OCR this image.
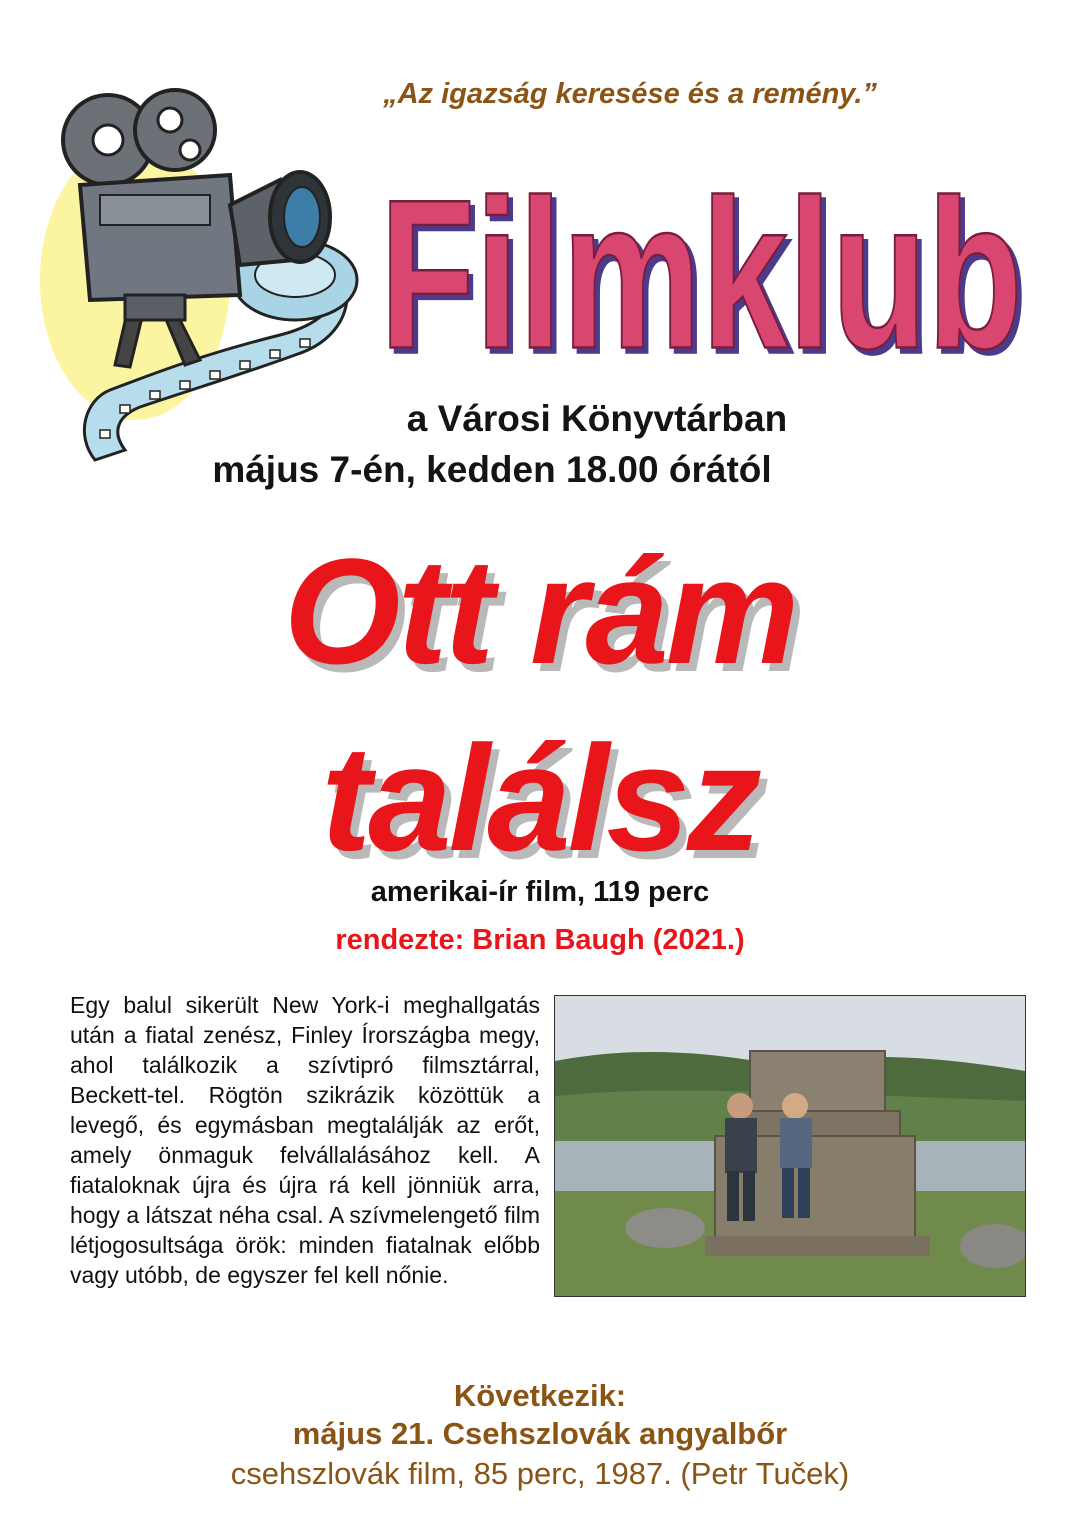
„Az igazság keresése és a remény.”
Filmklub
a Városi Könyvtárban
május 7-én, kedden 18.00 órától
Ott rám
találsz
amerikai-ír film, 119 perc
rendezte: Brian Baugh (2021.)
Egy balul sikerült New York-i meghallgatás után a fiatal zenész, Finley Írországba megy, ahol találkozik a szívtipró filmsztárral, Beckett-tel. Rögtön szikrázik közöttük a levegő, és egymásban megtalálják az erőt, amely önmaguk felvállalásához kell. A fiataloknak újra és újra rá kell jönniük arra, hogy a látszat néha csal. A szívmelengető film létjogosultsága örök: minden fiatalnak előbb vagy utóbb, de egyszer fel kell nőnie.
Következik:
május 21. Csehszlovák angyalbőr
csehszlovák film, 85 perc, 1987. (Petr Tuček)
